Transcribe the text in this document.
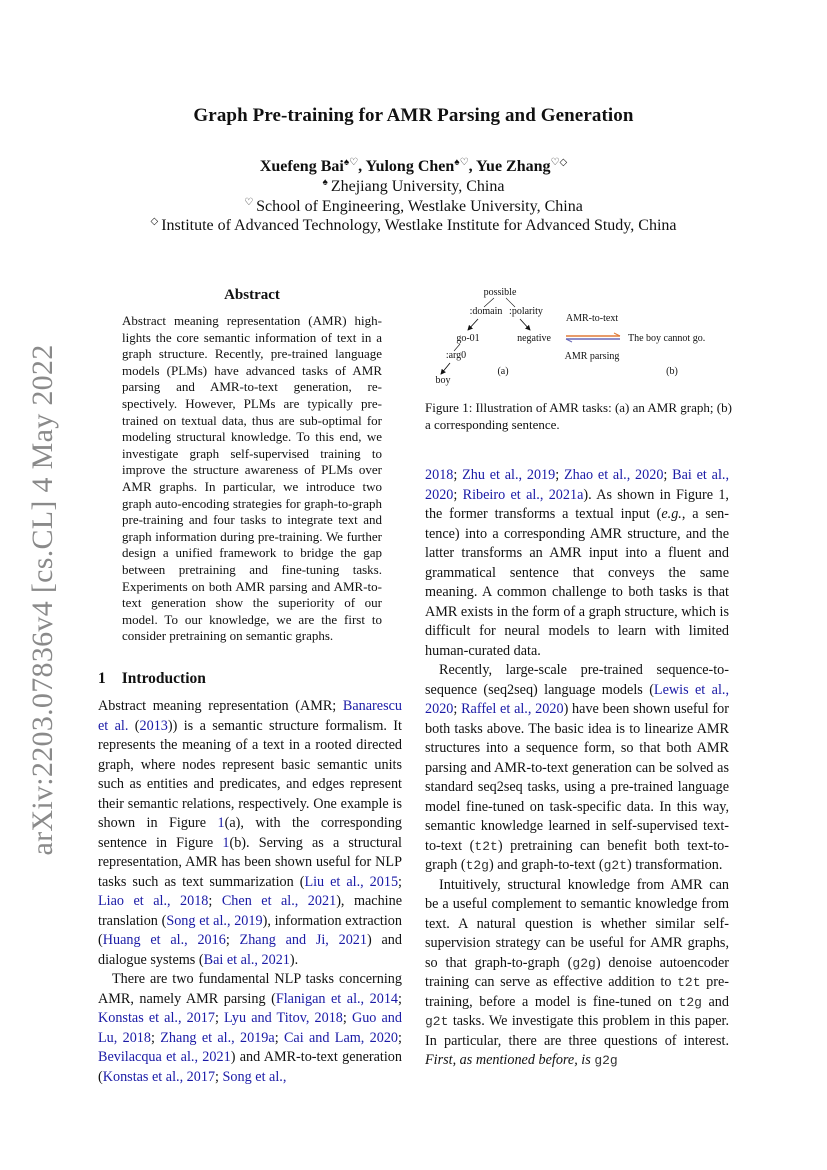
arXiv:2203.07836v4 [cs.CL] 4 May 2022
Graph Pre-training for AMR Parsing and Generation
Xuefeng Bai♠♡, Yulong Chen♠♡, Yue Zhang♡◇
♠ Zhejiang University, China
♡ School of Engineering, Westlake University, China
◇ Institute of Advanced Technology, Westlake Institute for Advanced Study, China
Abstract
Abstract meaning representation (AMR) highlights the core semantic information of text in a graph structure. Recently, pre-trained language models (PLMs) have advanced tasks of AMR parsing and AMR-to-text generation, respectively. However, PLMs are typically pretrained on textual data, thus are sub-optimal for modeling structural knowledge. To this end, we investigate graph self-supervised training to improve the structure awareness of PLMs over AMR graphs. In particular, we introduce two graph auto-encoding strategies for graph-to-graph pre-training and four tasks to integrate text and graph information during pre-training. We further design a unified framework to bridge the gap between pretraining and fine-tuning tasks. Experiments on both AMR parsing and AMR-to-text generation show the superiority of our model. To our knowledge, we are the first to consider pretraining on semantic graphs.
possible
:domain :polarity
go-01	negative
:arg0
boy
(a)
AMR-to-text
AMR parsing
The boy cannot go.
(b)
Figure 1: Illustration of AMR tasks: (a) an AMR graph; (b) a corresponding sentence.
1 Introduction

Abstract meaning representation (AMR; Banarescu et al. (2013)) is a semantic structure formalism. It represents the meaning of a text in a rooted directed graph, where nodes represent basic semantic units such as entities and predicates, and edges represent their semantic relations, respectively. One example is shown in Figure 1(a), with the corresponding sentence in Figure 1(b). Serving as a structural representation, AMR has been shown useful for NLP tasks such as text summarization (Liu et al., 2015; Liao et al., 2018; Chen et al., 2021), machine translation (Song et al., 2019), information extraction (Huang et al., 2016; Zhang and Ji, 2021) and dialogue systems (Bai et al., 2021).

There are two fundamental NLP tasks concerning AMR, namely AMR parsing (Flanigan et al., 2014; Konstas et al., 2017; Lyu and Titov, 2018; Guo and Lu, 2018; Zhang et al., 2019a; Cai and Lam, 2020; Bevilacqua et al., 2021) and AMR-to-text generation (Konstas et al., 2017; Song et al.,

2018; Zhu et al., 2019; Zhao et al., 2020; Bai et al., 2020; Ribeiro et al., 2021a). As shown in Figure 1, the former transforms a textual input (e.g., a sentence) into a corresponding AMR structure, and the latter transforms an AMR input into a fluent and grammatical sentence that conveys the same meaning. A common challenge to both tasks is that AMR exists in the form of a graph structure, which is difficult for neural models to learn with limited human-curated data.

Recently, large-scale pre-trained sequence-to-sequence (seq2seq) language models (Lewis et al., 2020; Raffel et al., 2020) have been shown useful for both tasks above. The basic idea is to linearize AMR structures into a sequence form, so that both AMR parsing and AMR-to-text generation can be solved as standard seq2seq tasks, using a pre-trained language model fine-tuned on task-specific data. In this way, semantic knowledge learned in self-supervised text-to-text (t2t) pretraining can benefit both text-to-graph (t2g) and graph-to-text (g2t) transformation.

Intuitively, structural knowledge from AMR can be a useful complement to semantic knowledge from text. A natural question is whether similar self-supervision strategy can be useful for AMR graphs, so that graph-to-graph (g2g) denoise autoencoder training can serve as effective addition to t2t pre-training, before a model is fine-tuned on t2g and g2t tasks. We investigate this problem in this paper. In particular, there are three questions of interest. First, as mentioned before, is g2g
